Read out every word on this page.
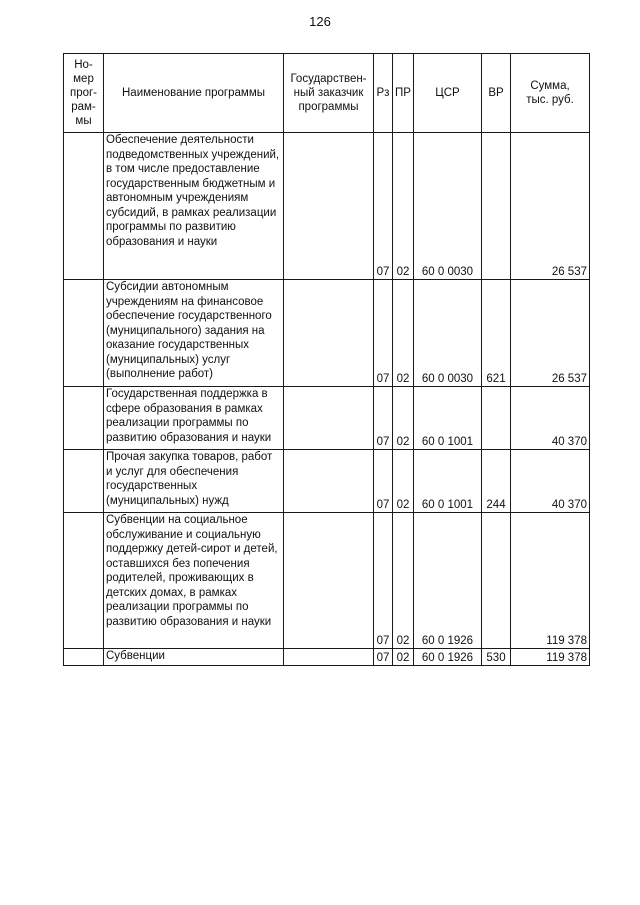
126
Но-
мер
прог-
рам-
мы	Наименование программы	Государствен-
ный заказчик
программы	Рз	ПР	ЦСР	ВР	Сумма,
тыс. руб.
	Обеспечение деятельности подведомственных учреждений, в том числе предоставление государственным бюджетным и автономным учреждениям субсидий, в рамках реализации программы по развитию образования и науки		07	02	60 0 0030		26 537
	Субсидии автономным учреждениям на финансовое обеспечение государственного (муниципального) задания на оказание государственных (муниципальных) услуг (выполнение работ)		07	02	60 0 0030	621	26 537
	Государственная поддержка в сфере образования в рамках реализации программы по развитию образования и науки		07	02	60 0 1001		40 370
	Прочая закупка товаров, работ и услуг для обеспечения государственных (муниципальных) нужд		07	02	60 0 1001	244	40 370
	Субвенции на социальное обслуживание и социальную поддержку детей-сирот и детей, оставшихся без попечения родителей, проживающих в детских домах, в рамках реализации программы по развитию образования и науки		07	02	60 0 1926		119 378
	Субвенции		07	02	60 0 1926	530	119 378
